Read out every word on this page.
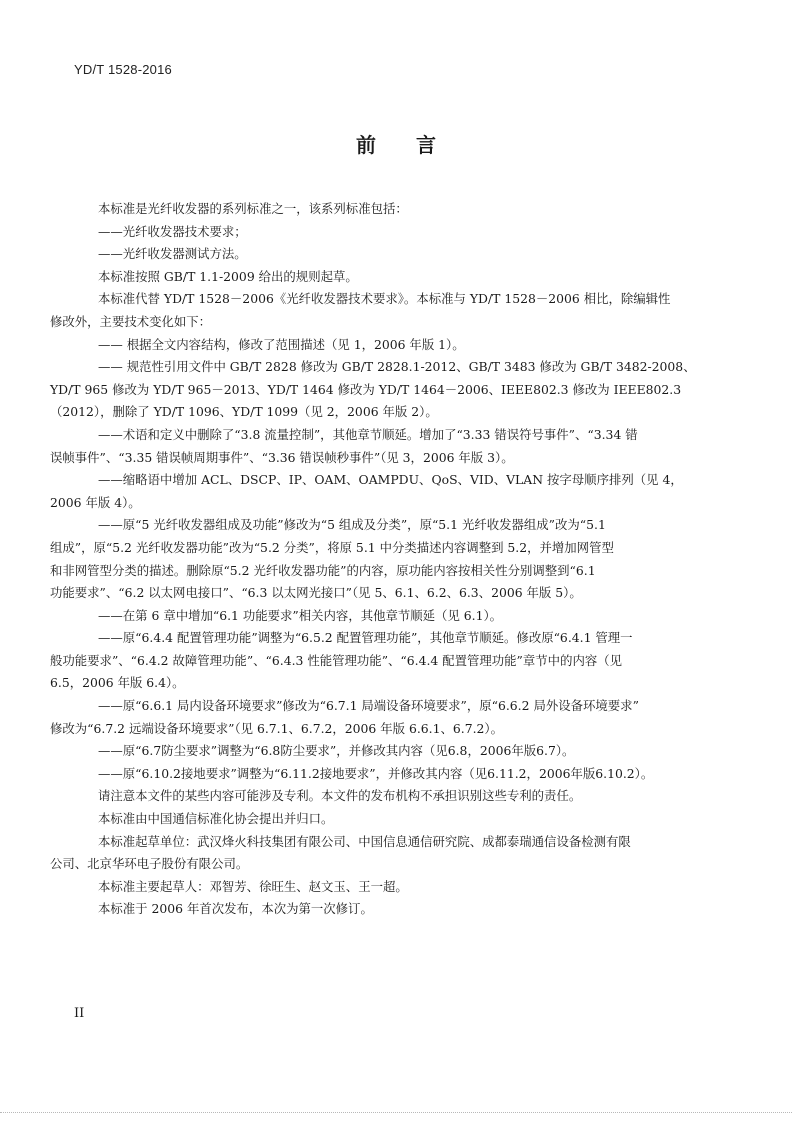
YD/T 1528-2016
前 言
本标准是光纤收发器的系列标准之一，该系列标准包括：
——光纤收发器技术要求；
——光纤收发器测试方法。
本标准按照 GB/T 1.1-2009 给出的规则起草。
本标准代替 YD/T 1528－2006《光纤收发器技术要求》。本标准与 YD/T 1528－2006 相比，除编辑性
修改外，主要技术变化如下：
—— 根据全文内容结构，修改了范围描述（见 1，2006 年版 1）。
—— 规范性引用文件中 GB/T 2828 修改为 GB/T 2828.1-2012、GB/T 3483 修改为 GB/T 3482-2008、
YD/T 965 修改为 YD/T 965－2013、YD/T 1464 修改为 YD/T 1464－2006、IEEE802.3 修改为 IEEE802.3
（2012），删除了 YD/T 1096、YD/T 1099（见 2，2006 年版 2）。
——术语和定义中删除了“3.8 流量控制”，其他章节顺延。增加了“3.33 错误符号事件”、“3.34 错
误帧事件”、“3.35 错误帧周期事件”、“3.36 错误帧秒事件”（见 3，2006 年版 3）。
——缩略语中增加 ACL、DSCP、IP、OAM、OAMPDU、QoS、VID、VLAN 按字母顺序排列（见 4，
2006 年版 4）。
——原“5 光纤收发器组成及功能”修改为“5 组成及分类”，原“5.1 光纤收发器组成”改为“5.1
组成”，原“5.2 光纤收发器功能”改为“5.2 分类”，将原 5.1 中分类描述内容调整到 5.2，并增加网管型
和非网管型分类的描述。删除原“5.2 光纤收发器功能”的内容，原功能内容按相关性分别调整到“6.1
功能要求”、“6.2 以太网电接口”、“6.3 以太网光接口”（见 5、6.1、6.2、6.3、2006 年版 5）。
——在第 6 章中增加“6.1 功能要求”相关内容，其他章节顺延（见 6.1）。
——原“6.4.4 配置管理功能”调整为“6.5.2 配置管理功能”，其他章节顺延。修改原“6.4.1 管理一
般功能要求”、“6.4.2 故障管理功能”、“6.4.3 性能管理功能”、“6.4.4 配置管理功能”章节中的内容（见
6.5，2006 年版 6.4）。
——原“6.6.1 局内设备环境要求”修改为“6.7.1 局端设备环境要求”，原“6.6.2 局外设备环境要求”
修改为“6.7.2 远端设备环境要求”（见 6.7.1、6.7.2，2006 年版 6.6.1、6.7.2）。
——原“6.7防尘要求”调整为“6.8防尘要求”，并修改其内容（见6.8，2006年版6.7）。
——原“6.10.2接地要求”调整为“6.11.2接地要求”，并修改其内容（见6.11.2，2006年版6.10.2）。
请注意本文件的某些内容可能涉及专利。本文件的发布机构不承担识别这些专利的责任。
本标准由中国通信标准化协会提出并归口。
本标准起草单位：武汉烽火科技集团有限公司、中国信息通信研究院、成都泰瑞通信设备检测有限
公司、北京华环电子股份有限公司。
本标准主要起草人：邓智芳、徐旺生、赵文玉、王一超。
本标准于 2006 年首次发布，本次为第一次修订。
II
